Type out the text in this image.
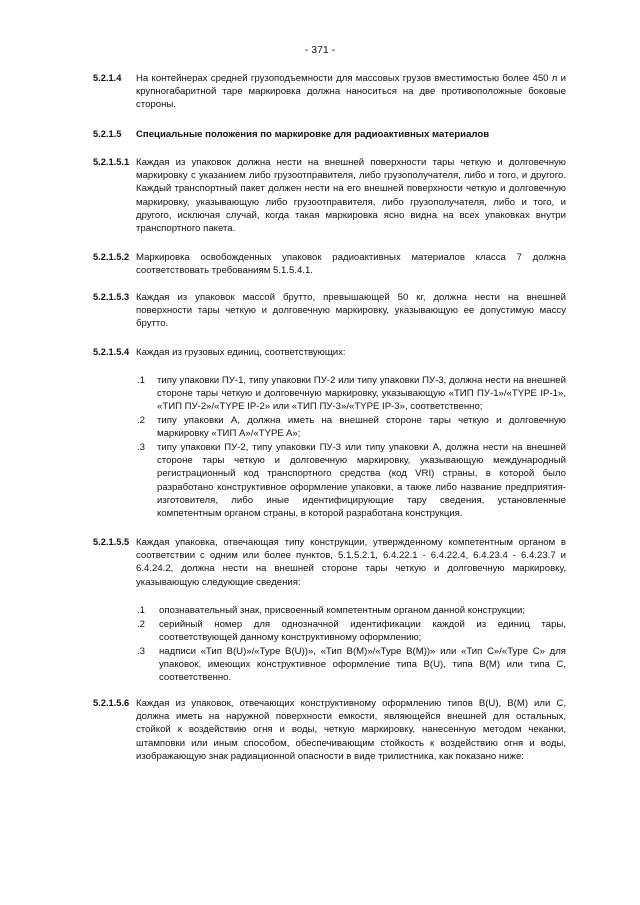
- 371 -
5.2.1.4 На контейнерах средней грузоподъемности для массовых грузов вместимостью более 450 л и крупногабаритной таре маркировка должна наноситься на две противоположные боковые стороны.
5.2.1.5 Специальные положения по маркировке для радиоактивных материалов
5.2.1.5.1 Каждая из упаковок должна нести на внешней поверхности тары четкую и долговечную маркировку с указанием либо грузоотправителя, либо грузополучателя, либо и того, и другого. Каждый транспортный пакет должен нести на его внешней поверхности четкую и долговечную маркировку, указывающую либо грузоотправителя, либо грузополучателя, либо и того, и другого, исключая случай, когда такая маркировка ясно видна на всех упаковках внутри транспортного пакета.
5.2.1.5.2 Маркировка освобожденных упаковок радиоактивных материалов класса 7 должна соответствовать требованиям 5.1.5.4.1.
5.2.1.5.3 Каждая из упаковок массой брутто, превышающей 50 кг, должна нести на внешней поверхности тары четкую и долговечную маркировку, указывающую ее допустимую массу брутто.
5.2.1.5.4 Каждая из грузовых единиц, соответствующих:
.1 типу упаковки ПУ-1, типу упаковки ПУ-2 или типу упаковки ПУ-3, должна нести на внешней стороне тары четкую и долговечную маркировку, указывающую «ТИП ПУ-1»/«TYPE IP-1», «ТИП ПУ-2»/«TYPE IP-2» или «ТИП ПУ-3»/«TYPE IP-3», соответственно;
.2 типу упаковки А, должна иметь на внешней стороне тары четкую и долговечную маркировку «ТИП А»/«TYPE A»;
.3 типу упаковки ПУ-2, типу упаковки ПУ-3 или типу упаковки А, должна нести на внешней стороне тары четкую и долговечную маркировку, указывающую международный регистрационный код транспортного средства (код VRI) страны, в которой было разработано конструктивное оформление упаковки, а также либо название предприятия-изготовителя, либо иные идентифицирующие тару сведения, установленные компетентным органом страны, в которой разработана конструкция.
5.2.1.5.5 Каждая упаковка, отвечающая типу конструкции, утвержденному компетентным органом в соответствии с одним или более пунктов, 5.1.5.2.1, 6.4.22.1 - 6.4.22.4, 6.4.23.4 - 6.4.23.7 и 6.4.24.2, должна нести на внешней стороне тары четкую и долговечную маркировку, указывающую следующие сведения:
.1 опознавательный знак, присвоенный компетентным органом данной конструкции;
.2 серийный номер для однозначной идентификации каждой из единиц тары, соответствующей данному конструктивному оформлению;
.3 надписи «Тип B(U)»/«Type B(U))», «Тип B(M)»/«Type B(M))» или «Тип С»/«Type C» для упаковок, имеющих конструктивное оформление типа B(U), типа B(M) или типа С, соответственно.
5.2.1.5.6 Каждая из упаковок, отвечающих конструктивному оформлению типов B(U), B(M) или C, должна иметь на наружной поверхности емкости, являющейся внешней для остальных, стойкой к воздействию огня и воды, четкую маркировку, нанесенную методом чеканки, штамповки или иным способом, обеспечивающим стойкость к воздействию огня и воды, изображающую знак радиационной опасности в виде трилистника, как показано ниже:
